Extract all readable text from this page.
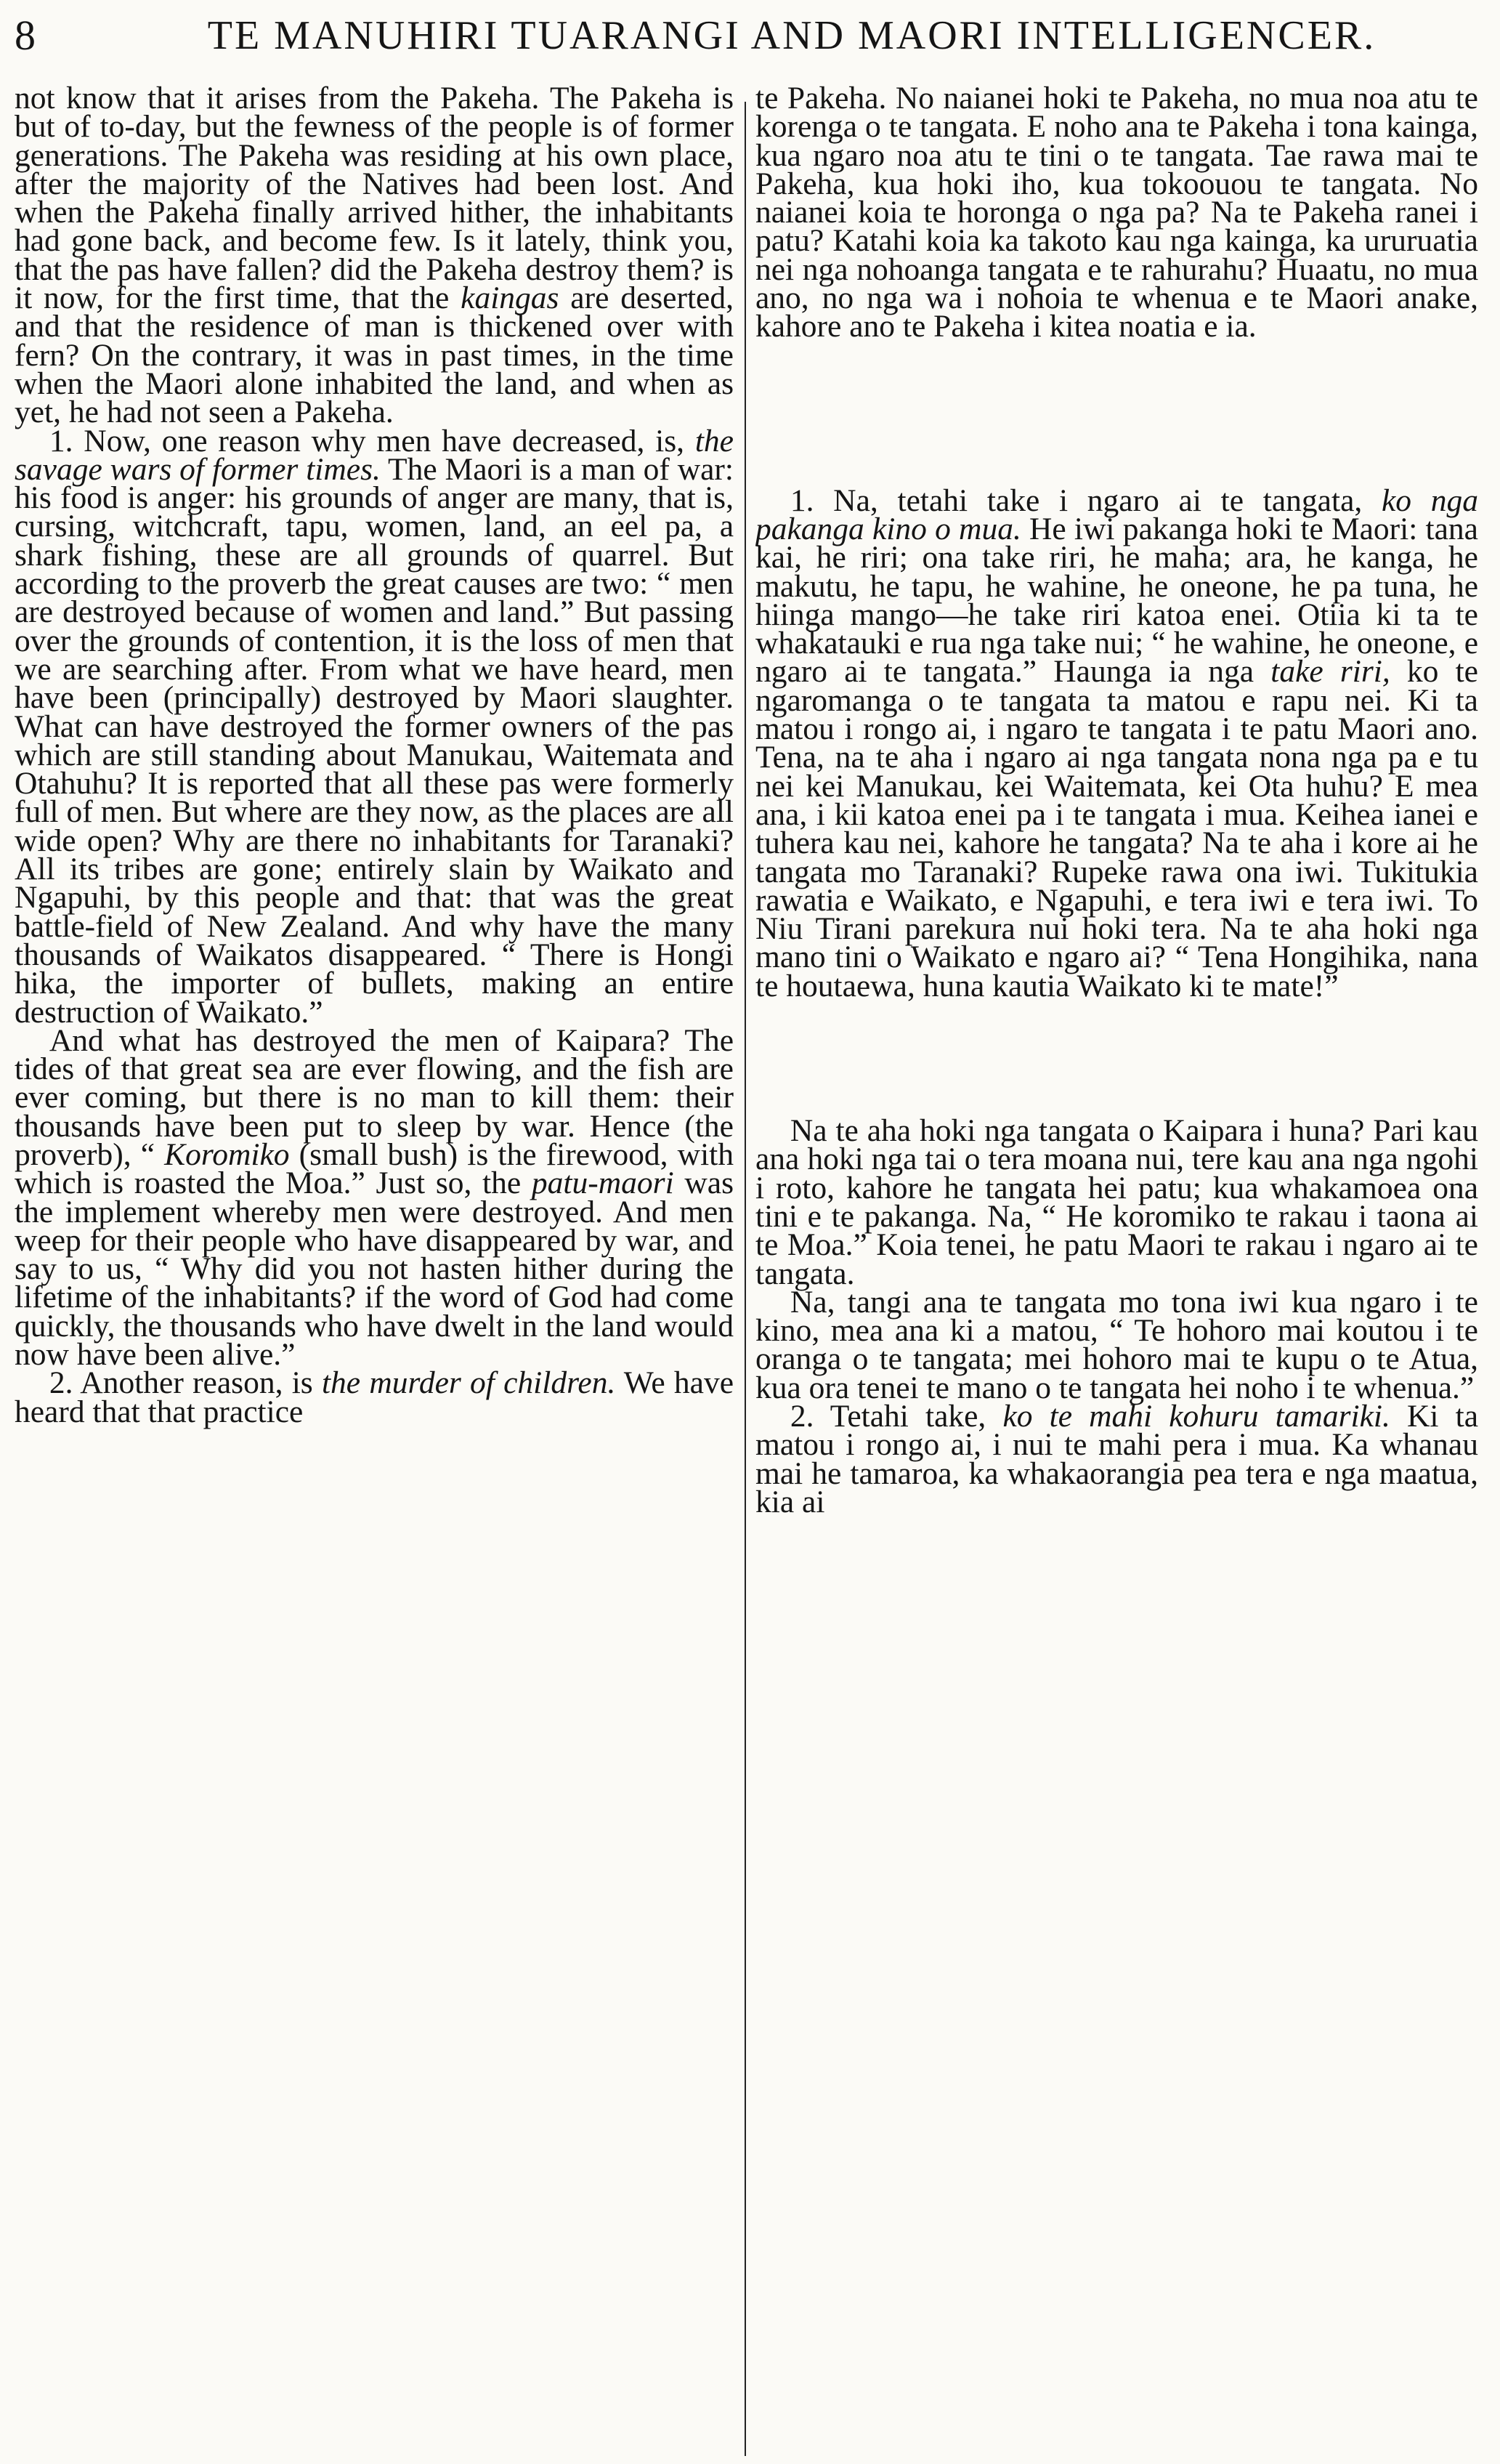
8	TE MANUHIRI TUARANGI AND MAORI INTELLIGENCER.

not know that it arises from the Pakeha. The Pakeha is but of to-day, but the fewness of the people is of former generations. The Pakeha was residing at his own place, after the majority of the Natives had been lost. And when the Pakeha finally arrived hither, the inhabitants had gone back, and become few. Is it lately, think you, that the pas have fallen? did the Pakeha destroy them? is it now, for the first time, that the kaingas are deserted, and that the residence of man is thickened over with fern? On the contrary, it was in past times, in the time when the Maori alone inhabited the land, and when as yet, he had not seen a Pakeha.

1. Now, one reason why men have decreased, is, the savage wars of former times. The Maori is a man of war: his food is anger: his grounds of anger are many, that is, cursing, witchcraft, tapu, women, land, an eel pa, a shark fishing, these are all grounds of quarrel. But according to the proverb the great causes are two: “ men are destroyed because of women and land.” But passing over the grounds of contention, it is the loss of men that we are searching after. From what we have heard, men have been (principally) destroyed by Maori slaughter. What can have destroyed the former owners of the pas which are still standing about Manukau, Waitemata and Otahuhu? It is reported that all these pas were formerly full of men. But where are they now, as the places are all wide open? Why are there no inhabitants for Taranaki? All its tribes are gone; entirely slain by Waikato and Ngapuhi, by this people and that: that was the great battle-field of New Zealand. And why have the many thousands of Waikatos disappeared. “ There is Hongi hika, the importer of bullets, making an entire destruction of Waikato.”

And what has destroyed the men of Kaipara? The tides of that great sea are ever flowing, and the fish are ever coming, but there is no man to kill them: their thousands have been put to sleep by war. Hence (the proverb), “ Koromiko (small bush) is the firewood, with which is roasted the Moa.” Just so, the patu-maori was the implement whereby men were destroyed. And men weep for their people who have disappeared by war, and say to us, “ Why did you not hasten hither during the lifetime of the inhabitants? if the word of God had come quickly, the thousands who have dwelt in the land would now have been alive.”

2. Another reason, is the murder of children. We have heard that that practice

te Pakeha. No naianei hoki te Pakeha, no mua noa atu te korenga o te tangata. E noho ana te Pakeha i tona kainga, kua ngaro noa atu te tini o te tangata. Tae rawa mai te Pakeha, kua hoki iho, kua tokoouou te tangata. No naianei koia te horonga o nga pa? Na te Pakeha ranei i patu? Katahi koia ka takoto kau nga kainga, ka ururuatia nei nga nohoanga tangata e te rahurahu? Huaatu, no mua ano, no nga wa i nohoia te whenua e te Maori anake, kahore ano te Pakeha i kitea noatia e ia.

1. Na, tetahi take i ngaro ai te tangata, ko nga pakanga kino o mua. He iwi pakanga hoki te Maori: tana kai, he riri; ona take riri, he maha; ara, he kanga, he makutu, he tapu, he wahine, he oneone, he pa tuna, he hiinga mango—he take riri katoa enei. Otiia ki ta te whakatauki e rua nga take nui; “ he wahine, he oneone, e ngaro ai te tangata.” Haunga ia nga take riri, ko te ngaromanga o te tangata ta matou e rapu nei. Ki ta matou i rongo ai, i ngaro te tangata i te patu Maori ano. Tena, na te aha i ngaro ai nga tangata nona nga pa e tu nei kei Manukau, kei Waitemata, kei Ota huhu? E mea ana, i kii katoa enei pa i te tangata i mua. Keihea ianei e tuhera kau nei, kahore he tangata? Na te aha i kore ai he tangata mo Taranaki? Rupeke rawa ona iwi. Tukitukia rawatia e Waikato, e Ngapuhi, e tera iwi e tera iwi. To Niu Tirani parekura nui hoki tera. Na te aha hoki nga mano tini o Waikato e ngaro ai? “ Tena Hongihika, nana te houtaewa, huna kautia Waikato ki te mate!”

Na te aha hoki nga tangata o Kaipara i huna? Pari kau ana hoki nga tai o tera moana nui, tere kau ana nga ngohi i roto, kahore he tangata hei patu; kua whakamoea ona tini e te pakanga. Na, “ He koromiko te rakau i taona ai te Moa.” Koia tenei, he patu Maori te rakau i ngaro ai te tangata.

Na, tangi ana te tangata mo tona iwi kua ngaro i te kino, mea ana ki a matou, “ Te hohoro mai koutou i te oranga o te tangata; mei hohoro mai te kupu o te Atua, kua ora tenei te mano o te tangata hei noho i te whenua.”

2. Tetahi take, ko te mahi kohuru tamariki. Ki ta matou i rongo ai, i nui te mahi pera i mua. Ka whanau mai he tamaroa, ka whakaorangia pea tera e nga maatua, kia ai
